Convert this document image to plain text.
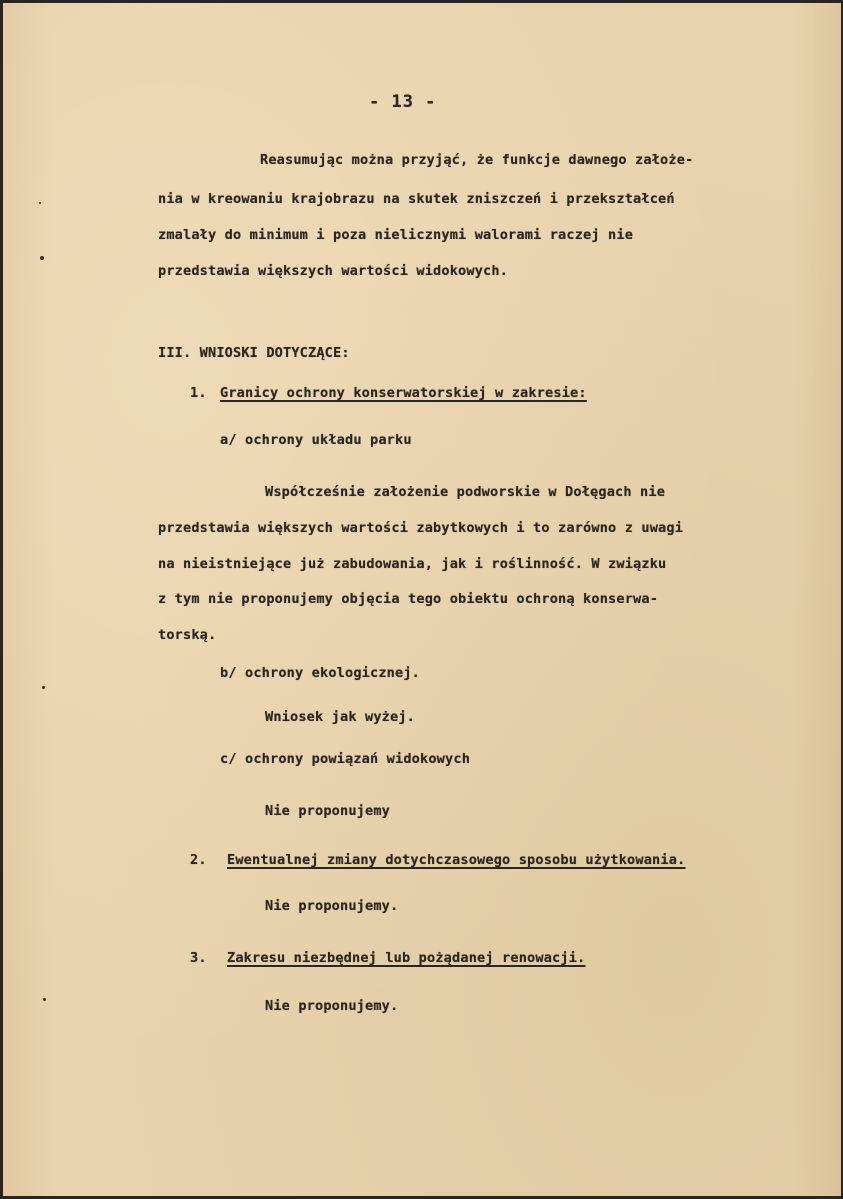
- 13 -
Reasumując można przyjąć, że funkcje dawnego założe-
nia w kreowaniu krajobrazu na skutek zniszczeń i przekształceń
zmalały do minimum i poza nielicznymi walorami raczej nie
przedstawia większych wartości widokowych.
III. WNIOSKI DOTYCZĄCE:
1. Granicy ochrony konserwatorskiej w zakresie:
a/ ochrony układu parku
Współcześnie założenie podworskie w Dołęgach nie
przedstawia większych wartości zabytkowych i to zarówno z uwagi
na nieistniejące już zabudowania, jak i roślinność. W związku
z tym nie proponujemy objęcia tego obiektu ochroną konserwa-
torską.
b/ ochrony ekologicznej.
Wniosek jak wyżej.
c/ ochrony powiązań widokowych
Nie proponujemy
2. Ewentualnej zmiany dotychczasowego sposobu użytkowania.
Nie proponujemy.
3. Zakresu niezbędnej lub pożądanej renowacji.
Nie proponujemy.
